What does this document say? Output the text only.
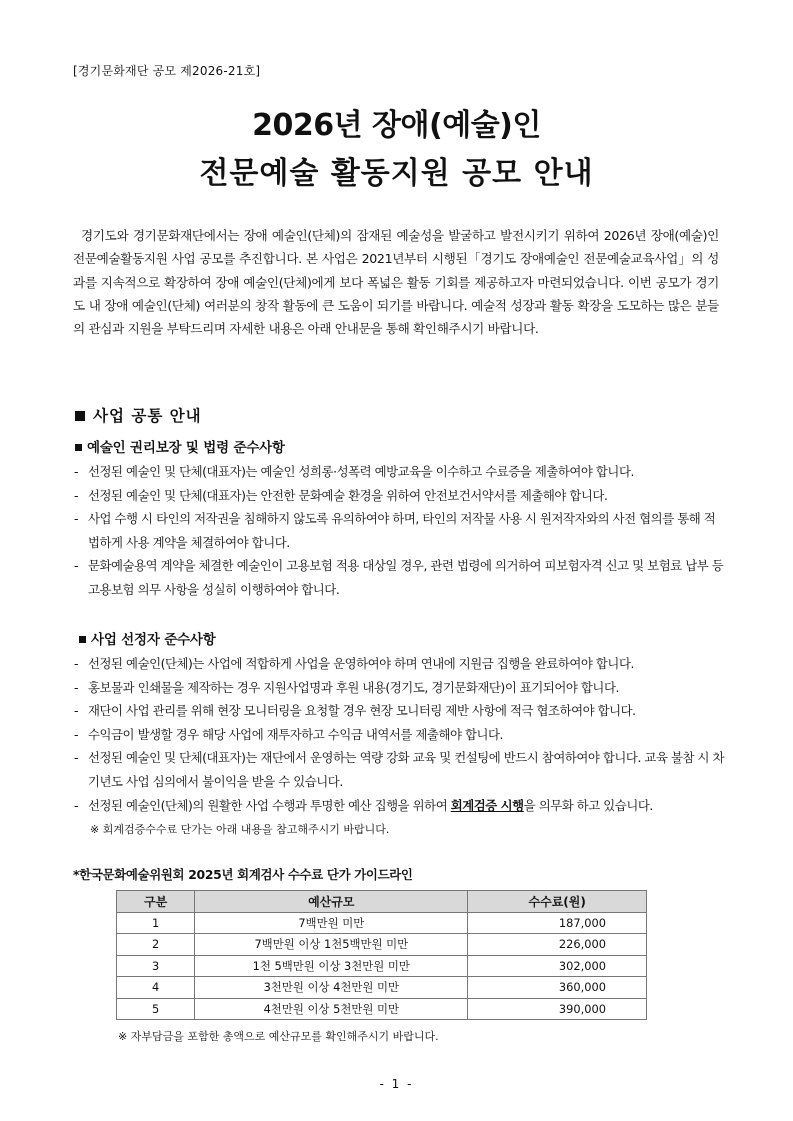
[경기문화재단 공모 제2026-21호]
2026년 장애(예술)인
전문예술 활동지원 공모 안내

경기도와 경기문화재단에서는 장애 예술인(단체)의 잠재된 예술성을 발굴하고 발전시키기 위하여 2026년 장애(예술)인 전문예술활동지원 사업 공모를 추진합니다. 본 사업은 2021년부터 시행된「경기도 장애예술인 전문예술교육사업」의 성과를 지속적으로 확장하여 장애 예술인(단체)에게 보다 폭넓은 활동 기회를 제공하고자 마련되었습니다. 이번 공모가 경기도 내 장애 예술인(단체) 여러분의 창작 활동에 큰 도움이 되기를 바랍니다. 예술적 성장과 활동 확장을 도모하는 많은 분들의 관심과 지원을 부탁드리며 자세한 내용은 아래 안내문을 통해 확인해주시기 바랍니다.

사업 공통 안내
예술인 권리보장 및 법령 준수사항
- 선정된 예술인 및 단체(대표자)는 예술인 성희롱·성폭력 예방교육을 이수하고 수료증을 제출하여야 합니다.
- 선정된 예술인 및 단체(대표자)는 안전한 문화예술 환경을 위하여 안전보건서약서를 제출해야 합니다.
- 사업 수행 시 타인의 저작권을 침해하지 않도록 유의하여야 하며, 타인의 저작물 사용 시 원저작자와의 사전 협의를 통해 적법하게 사용 계약을 체결하여야 합니다.
- 문화예술용역 계약을 체결한 예술인이 고용보험 적용 대상일 경우, 관련 법령에 의거하여 피보험자격 신고 및 보험료 납부 등 고용보험 의무 사항을 성실히 이행하여야 합니다.
사업 선정자 준수사항
- 선정된 예술인(단체)는 사업에 적합하게 사업을 운영하여야 하며 연내에 지원금 집행을 완료하여야 합니다.
- 홍보물과 인쇄물을 제작하는 경우 지원사업명과 후원 내용(경기도, 경기문화재단)이 표기되어야 합니다.
- 재단이 사업 관리를 위해 현장 모니터링을 요청할 경우 현장 모니터링 제반 사항에 적극 협조하여야 합니다.
- 수익금이 발생할 경우 해당 사업에 재투자하고 수익금 내역서를 제출해야 합니다.
- 선정된 예술인 및 단체(대표자)는 재단에서 운영하는 역량 강화 교육 및 컨설팅에 반드시 참여하여야 합니다. 교육 불참 시 차기년도 사업 심의에서 불이익을 받을 수 있습니다.
- 선정된 예술인(단체)의 원활한 사업 수행과 투명한 예산 집행을 위하여 회계검증 시행을 의무화 하고 있습니다.
※ 회계검증수수료 단가는 아래 내용을 참고해주시기 바랍니다.
*한국문화예술위원회 2025년 회계검사 수수료 단가 가이드라인
구분	예산규모	수수료(원)
1	7백만원 미만	187,000
2	7백만원 이상 1천5백만원 미만	226,000
3	1천 5백만원 이상 3천만원 미만	302,000
4	3천만원 이상 4천만원 미만	360,000
5	4천만원 이상 5천만원 미만	390,000
※ 자부담금을 포함한 총액으로 예산규모를 확인해주시기 바랍니다.
- 1 -
